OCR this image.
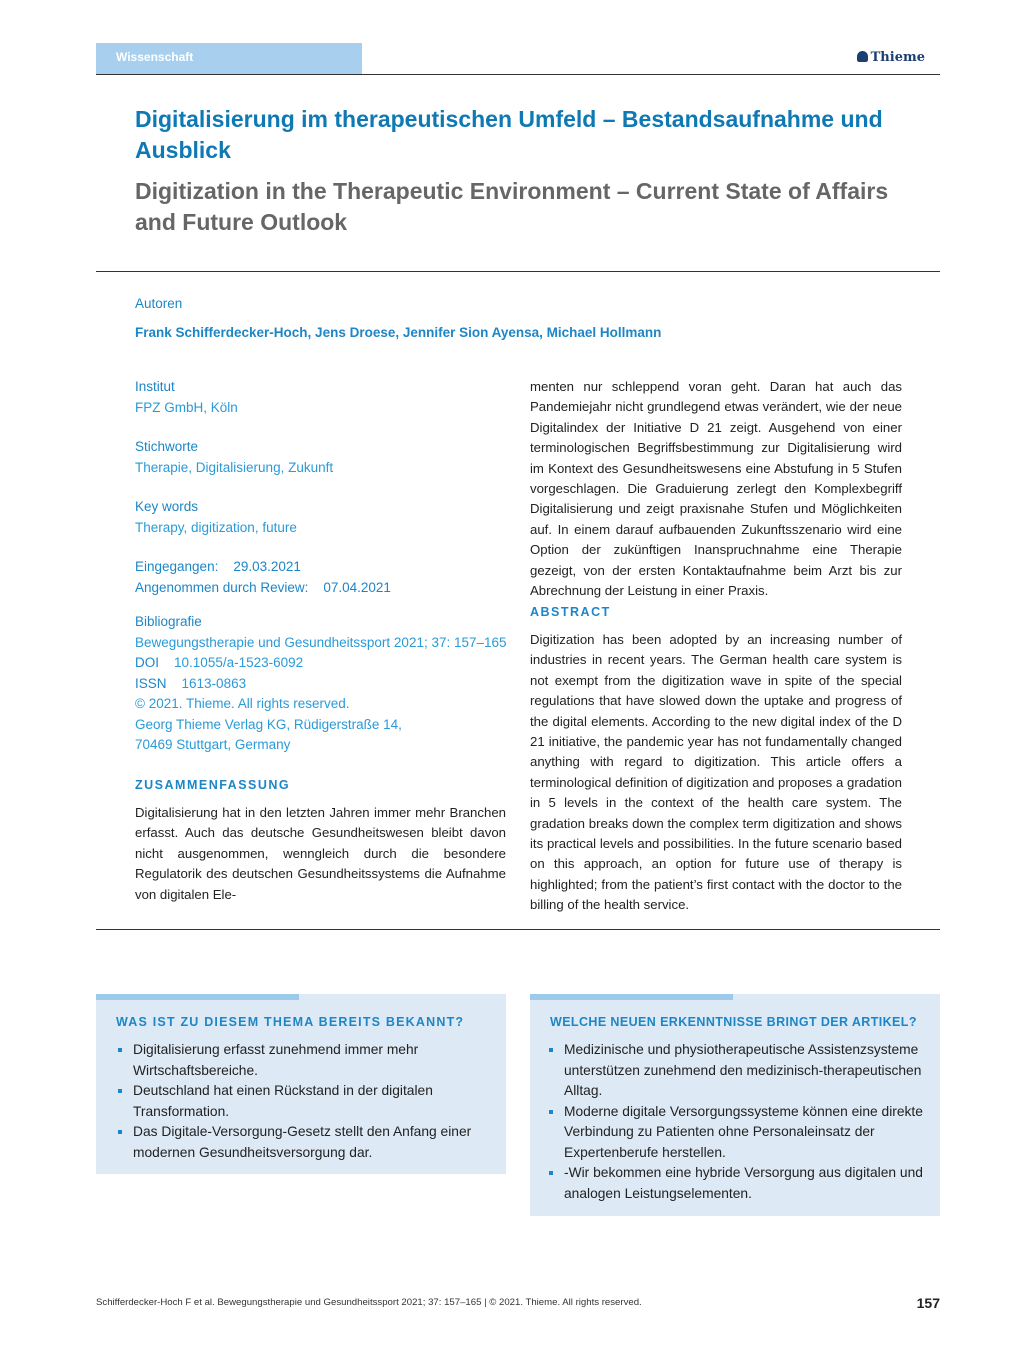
Wissenschaft	Thieme
Digitalisierung im therapeutischen Umfeld – Bestandsaufnahme und Ausblick
Digitization in the Therapeutic Environment – Current State of Affairs and Future Outlook
Autoren
Frank Schifferdecker-Hoch, Jens Droese, Jennifer Sion Ayensa, Michael Hollmann
Institut
FPZ GmbH, Köln
Stichworte
Therapie, Digitalisierung, Zukunft
Key words
Therapy, digitization, future
Eingegangen: 29.03.2021
Angenommen durch Review: 07.04.2021
Bibliografie
Bewegungstherapie und Gesundheitssport 2021; 37: 157–165
DOI 10.1055/a-1523-6092
ISSN 1613-0863
© 2021. Thieme. All rights reserved.
Georg Thieme Verlag KG, Rüdigerstraße 14,
70469 Stuttgart, Germany
ZUSAMMENFASSUNG
Digitalisierung hat in den letzten Jahren immer mehr Branchen erfasst. Auch das deutsche Gesundheitswesen bleibt davon nicht ausgenommen, wenngleich durch die besondere Regulatorik des deutschen Gesundheitssystems die Aufnahme von digitalen Ele-
menten nur schleppend voran geht. Daran hat auch das Pandemiejahr nicht grundlegend etwas verändert, wie der neue Digitalindex der Initiative D 21 zeigt. Ausgehend von einer terminologischen Begriffsbestimmung zur Digitalisierung wird im Kontext des Gesundheitswesens eine Abstufung in 5 Stufen vorgeschlagen. Die Graduierung zerlegt den Komplexbegriff Digitalisierung und zeigt praxisnahe Stufen und Möglichkeiten auf. In einem darauf aufbauenden Zukunftsszenario wird eine Option der zukünftigen Inanspruchnahme eine Therapie gezeigt, von der ersten Kontaktaufnahme beim Arzt bis zur Abrechnung der Leistung in einer Praxis.
ABSTRACT
Digitization has been adopted by an increasing number of industries in recent years. The German health care system is not exempt from the digitization wave in spite of the special regulations that have slowed down the uptake and progress of the digital elements. According to the new digital index of the D 21 initiative, the pandemic year has not fundamentally changed anything with regard to digitization. This article offers a terminological definition of digitization and proposes a gradation in 5 levels in the context of the health care system. The gradation breaks down the complex term digitization and shows its practical levels and possibilities. In the future scenario based on this approach, an option for future use of therapy is highlighted; from the patient’s first contact with the doctor to the billing of the health service.
WAS IST ZU DIESEM THEMA BEREITS BEKANNT?
Digitalisierung erfasst zunehmend immer mehr Wirtschaftsbereiche.
Deutschland hat einen Rückstand in der digitalen Transformation.
Das Digitale-Versorgung-Gesetz stellt den Anfang einer modernen Gesundheitsversorgung dar.
WELCHE NEUEN ERKENNTNISSE BRINGT DER ARTIKEL?
Medizinische und physiotherapeutische Assistenzsysteme unterstützen zunehmend den medizinisch-therapeutischen Alltag.
Moderne digitale Versorgungssysteme können eine direkte Verbindung zu Patienten ohne Personaleinsatz der Expertenberufe herstellen.
-Wir bekommen eine hybride Versorgung aus digitalen und analogen Leistungselementen.
Schifferdecker-Hoch F et al. Bewegungstherapie und Gesundheitssport 2021; 37: 157–165 | © 2021. Thieme. All rights reserved.	157
